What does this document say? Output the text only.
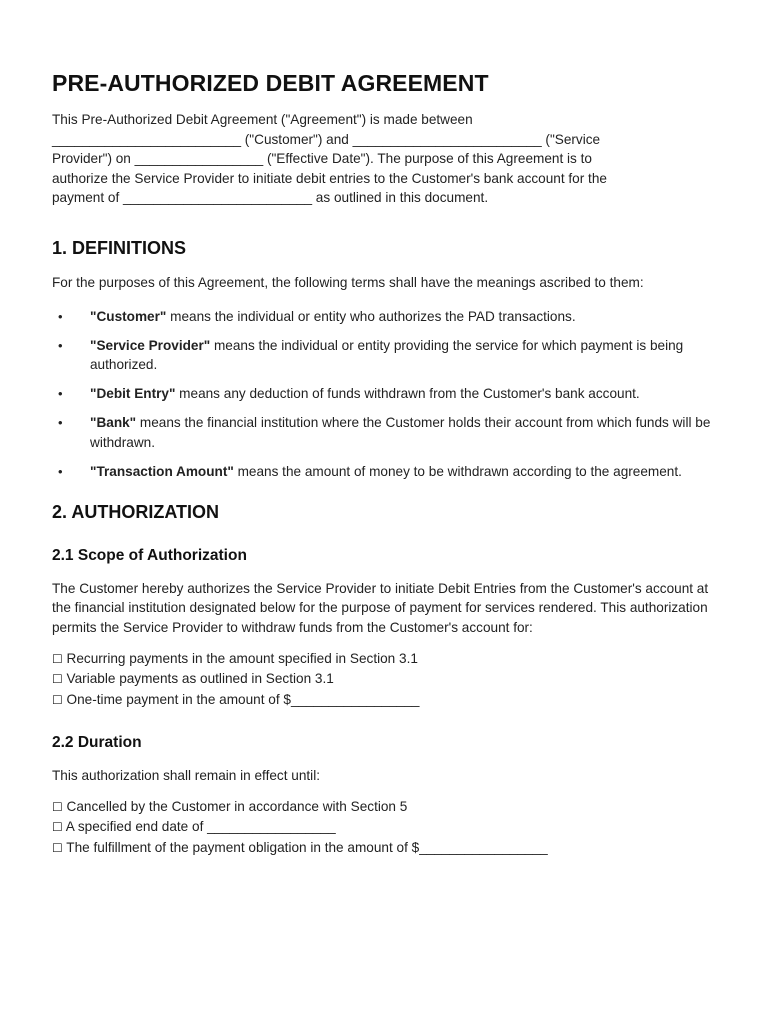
PRE-AUTHORIZED DEBIT AGREEMENT
This Pre-Authorized Debit Agreement ("Agreement") is made between
_________________________ ("Customer") and _________________________ ("Service
Provider") on _________________ ("Effective Date"). The purpose of this Agreement is to
authorize the Service Provider to initiate debit entries to the Customer's bank account for the
payment of _________________________ as outlined in this document.
1. DEFINITIONS

For the purposes of this Agreement, the following terms shall have the meanings ascribed to them:

• "Customer" means the individual or entity who authorizes the PAD transactions.
• "Service Provider" means the individual or entity providing the service for which payment is being authorized.
• "Debit Entry" means any deduction of funds withdrawn from the Customer's bank account.
• "Bank" means the financial institution where the Customer holds their account from which funds will be withdrawn.
• "Transaction Amount" means the amount of money to be withdrawn according to the agreement.
2. AUTHORIZATION
2.1 Scope of Authorization

The Customer hereby authorizes the Service Provider to initiate Debit Entries from the Customer's account at the financial institution designated below for the purpose of payment for services rendered. This authorization permits the Service Provider to withdraw funds from the Customer's account for:

☐ Recurring payments in the amount specified in Section 3.1
☐ Variable payments as outlined in Section 3.1
☐ One-time payment in the amount of $_________________
2.2 Duration

This authorization shall remain in effect until:

☐ Cancelled by the Customer in accordance with Section 5
☐ A specified end date of _________________
☐ The fulfillment of the payment obligation in the amount of $_________________
